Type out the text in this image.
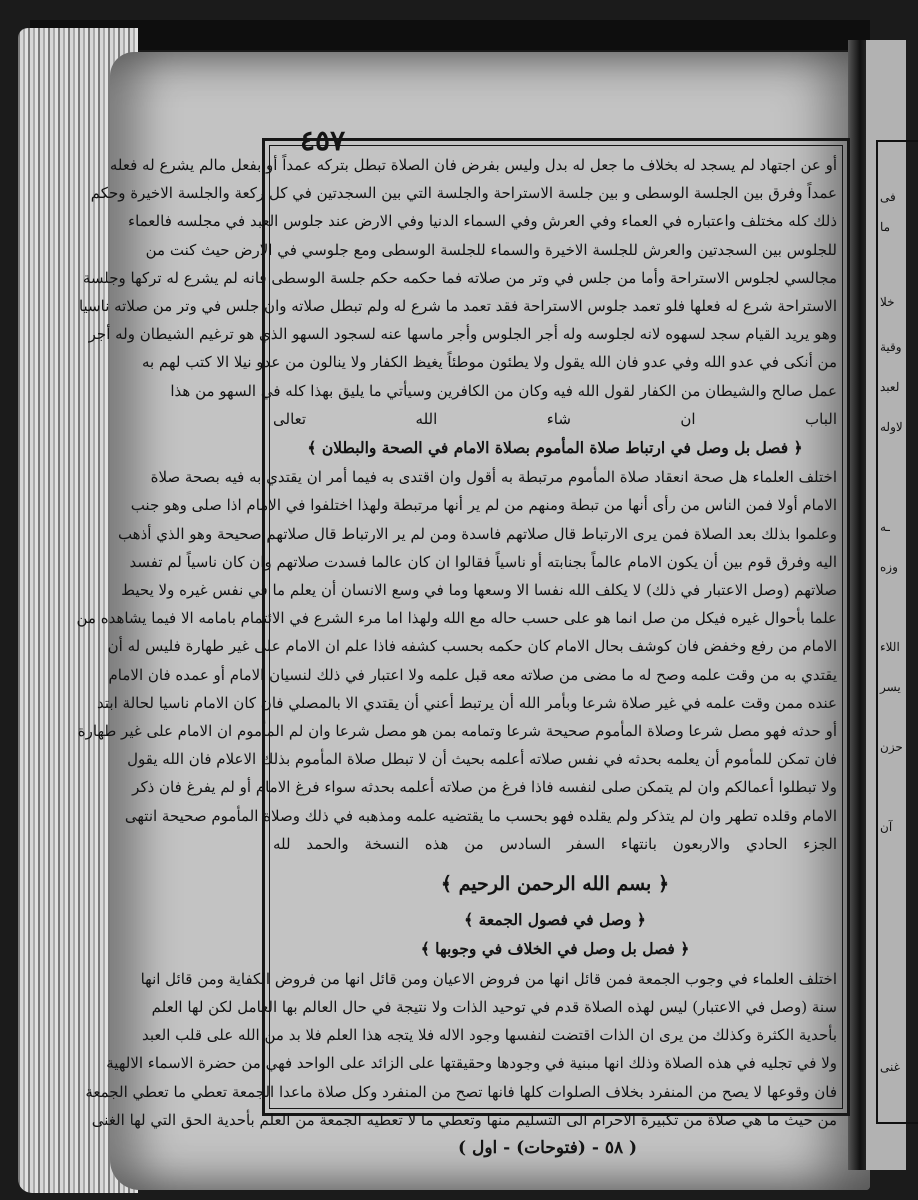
فى
ما
خلا
وقية
لعبد
لاوله
ـه
وزه
اللاء
يسر
حزن
آن
غنى
٤٥٧
أو عن اجتهاد لم يسجد له بخلاف ما جعل له بدل وليس بفرض فان الصلاة تبطل بتركه عمداً أو بفعل مالم يشرع له فعله
عمداً وفرق بين الجلسة الوسطى و بين جلسة الاستراحة والجلسة التي بين السجدتين في كل ركعة والجلسة الاخيرة وحكم
ذلك كله مختلف واعتباره في العماء وفي العرش وفي السماء الدنيا وفي الارض عند جلوس العبد في مجلسه فالعماء
للجلوس بين السجدتين والعرش للجلسة الاخيرة والسماء للجلسة الوسطى ومع جلوسي في الارض حيث كنت من
مجالسي لجلوس الاستراحة وأما من جلس في وتر من صلاته فما حكمه حكم جلسة الوسطى فانه لم يشرع له تركها وجلسة
الاستراحة شرع له فعلها فلو تعمد جلوس الاستراحة فقد تعمد ما شرع له ولم تبطل صلاته وان جلس في وتر من صلاته ناسيا
وهو يريد القيام سجد لسهوه لانه لجلوسه وله أجر الجلوس وأجر ماسها عنه لسجود السهو الذي هو ترغيم الشيطان وله أجر
من أنكى في عدو الله وفي عدو فان الله يقول ولا يطئون موطئاً يغيظ الكفار ولا ينالون من عدو نيلا الا كتب لهم به
عمل صالح والشيطان من الكفار لقول الله فيه وكان من الكافرين وسيأتي ما يليق بهذا كله في السهو من هذا
الباب ان شاء الله تعالى
﴿ فصل بل وصل في ارتباط صلاة المأموم بصلاة الامام في الصحة والبطلان ﴾
اختلف العلماء هل صحة انعقاد صلاة المأموم مرتبطة به أقول وان اقتدى به فيما أمر ان يقتدي به فيه بصحة صلاة
الامام أولا فمن الناس من رأى أنها من تبطة ومنهم من لم ير أنها مرتبطة ولهذا اختلفوا في الامام اذا صلى وهو جنب
وعلموا بذلك بعد الصلاة فمن يرى الارتباط قال صلاتهم فاسدة ومن لم ير الارتباط قال صلاتهم صحيحة وهو الذي أذهب
اليه وفرق قوم بين أن يكون الامام عالماً بجنابته أو ناسياً فقالوا ان كان عالما فسدت صلاتهم وان كان ناسياً لم تفسد
صلاتهم (وصل الاعتبار في ذلك) لا يكلف الله نفسا الا وسعها وما في وسع الانسان أن يعلم ما في نفس غيره ولا يحيط
علما بأحوال غيره فيكل من صل انما هو على حسب حاله مع الله ولهذا اما مرء الشرع في الائتمام بامامه الا فيما يشاهده من
الامام من رفع وخفض فان كوشف بحال الامام كان حكمه بحسب كشفه فاذا علم ان الامام على غير طهارة فليس له أن
يقتدي به من وقت علمه وصح له ما مضى من صلاته معه قبل علمه ولا اعتبار في ذلك لنسيان الامام أو عمده فان الامام
عنده ممن وقت علمه في غير صلاة شرعا وبأمر الله أن يرتبط أعني أن يقتدي الا بالمصلي فان كان الامام ناسيا لحالة ابتد
أو حدثه فهو مصل شرعا وصلاة المأموم صحيحة شرعا وتمامه بمن هو مصل شرعا وان لم المأموم ان الامام على غير طهارة
فان تمكن للمأموم أن يعلمه بحدثه في نفس صلاته أعلمه بحيث أن لا تبطل صلاة المأموم بذلك الاعلام فان الله يقول
ولا تبطلوا أعمالكم وان لم يتمكن صلى لنفسه فاذا فرغ من صلاته أعلمه بحدثه سواء فرغ الامام أو لم يفرغ فان ذكر
الامام وقلده تطهر وان لم يتذكر ولم يقلده فهو بحسب ما يقتضيه علمه ومذهبه في ذلك وصلاة المأموم صحيحة انتهى
الجزء الحادي والاربعون بانتهاء السفر السادس من هذه النسخة والحمد لله
﴿ بسم الله الرحمن الرحيم ﴾
﴿ وصل في فصول الجمعة ﴾
﴿ فصل بل وصل في الخلاف في وجوبها ﴾
اختلف العلماء في وجوب الجمعة فمن قائل انها من فروض الاعيان ومن قائل انها من فروض الكفاية ومن قائل انها
سنة (وصل في الاعتبار) ليس لهذه الصلاة قدم في توحيد الذات ولا نتيجة في حال العالم بها العامل لكن لها العلم
بأحدية الكثرة وكذلك من يرى ان الذات اقتضت لنفسها وجود الاله فلا يتجه هذا العلم فلا بد من الله على قلب العبد
ولا في تجليه في هذه الصلاة وذلك انها مبنية في وجودها وحقيقتها على الزائد على الواحد فهي من حضرة الاسماء الالهية
فان وقوعها لا يصح من المنفرد بخلاف الصلوات كلها فانها تصح من المنفرد وكل صلاة ماعدا الجمعة تعطي ما تعطي الجمعة
من حيث ما هي صلاة من تكبيرة الاحرام الى التسليم منها وتعطي ما لا تعطيه الجمعة من العلم بأحدية الحق التي لها الغنى
( ٥٨ - (فتوحات) - اول )
